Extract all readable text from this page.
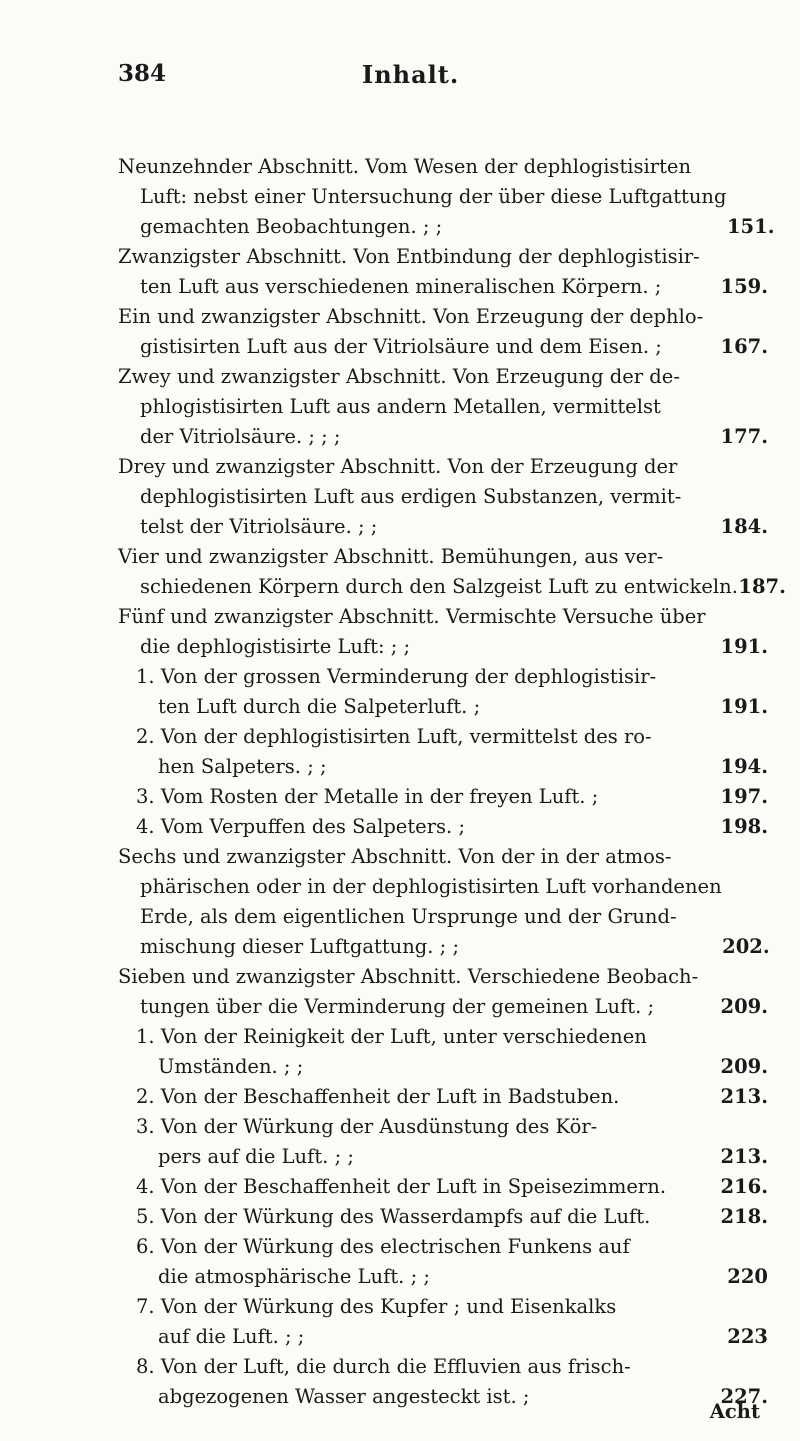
384	Inhalt.
Neunzehnder Abschnitt. Vom Wesen der dephlogistisirten
Luft: nebst einer Untersuchung der über diese Luftgattung
gemachten Beobachtungen. ; ;	151.
Zwanzigster Abschnitt. Von Entbindung der dephlogistisir-
ten Luft aus verschiedenen mineralischen Körpern. ;	159.
Ein und zwanzigster Abschnitt. Von Erzeugung der dephlo-
gistisirten Luft aus der Vitriolsäure und dem Eisen. ;	167.
Zwey und zwanzigster Abschnitt. Von Erzeugung der de-
phlogistisirten Luft aus andern Metallen, vermittelst
der Vitriolsäure. ; ; ;	177.
Drey und zwanzigster Abschnitt. Von der Erzeugung der
dephlogistisirten Luft aus erdigen Substanzen, vermit-
telst der Vitriolsäure. ; ;	184.
Vier und zwanzigster Abschnitt. Bemühungen, aus ver-
schiedenen Körpern durch den Salzgeist Luft zu entwickeln. 187.
Fünf und zwanzigster Abschnitt. Vermischte Versuche über
die dephlogistisirte Luft: ; ;	191.
1. Von der grossen Verminderung der dephlogistisir-
ten Luft durch die Salpeterluft. ;	191.
2. Von der dephlogistisirten Luft, vermittelst des ro-
hen Salpeters. ; ;	194.
3. Vom Rosten der Metalle in der freyen Luft. ;	197.
4. Vom Verpuffen des Salpeters. ;	198.
Sechs und zwanzigster Abschnitt. Von der in der atmos-
phärischen oder in der dephlogistisirten Luft vorhandenen
Erde, als dem eigentlichen Ursprunge und der Grund-
mischung dieser Luftgattung. ; ;	202.
Sieben und zwanzigster Abschnitt. Verschiedene Beobach-
tungen über die Verminderung der gemeinen Luft. ;	209.
1. Von der Reinigkeit der Luft, unter verschiedenen
Umständen. ; ;	209.
2. Von der Beschaffenheit der Luft in Badstuben.	213.
3. Von der Würkung der Ausdünstung des Kör-
pers auf die Luft. ; ;	213.
4. Von der Beschaffenheit der Luft in Speisezimmern.	216.
5. Von der Würkung des Wasserdampfs auf die Luft.	218.
6. Von der Würkung des electrischen Funkens auf
die atmosphärische Luft. ; ;	220
7. Von der Würkung des Kupfer ; und Eisenkalks
auf die Luft. ; ;	223
8. Von der Luft, die durch die Effluvien aus frisch-
abgezogenen Wasser angesteckt ist. ;	227.
Acht
